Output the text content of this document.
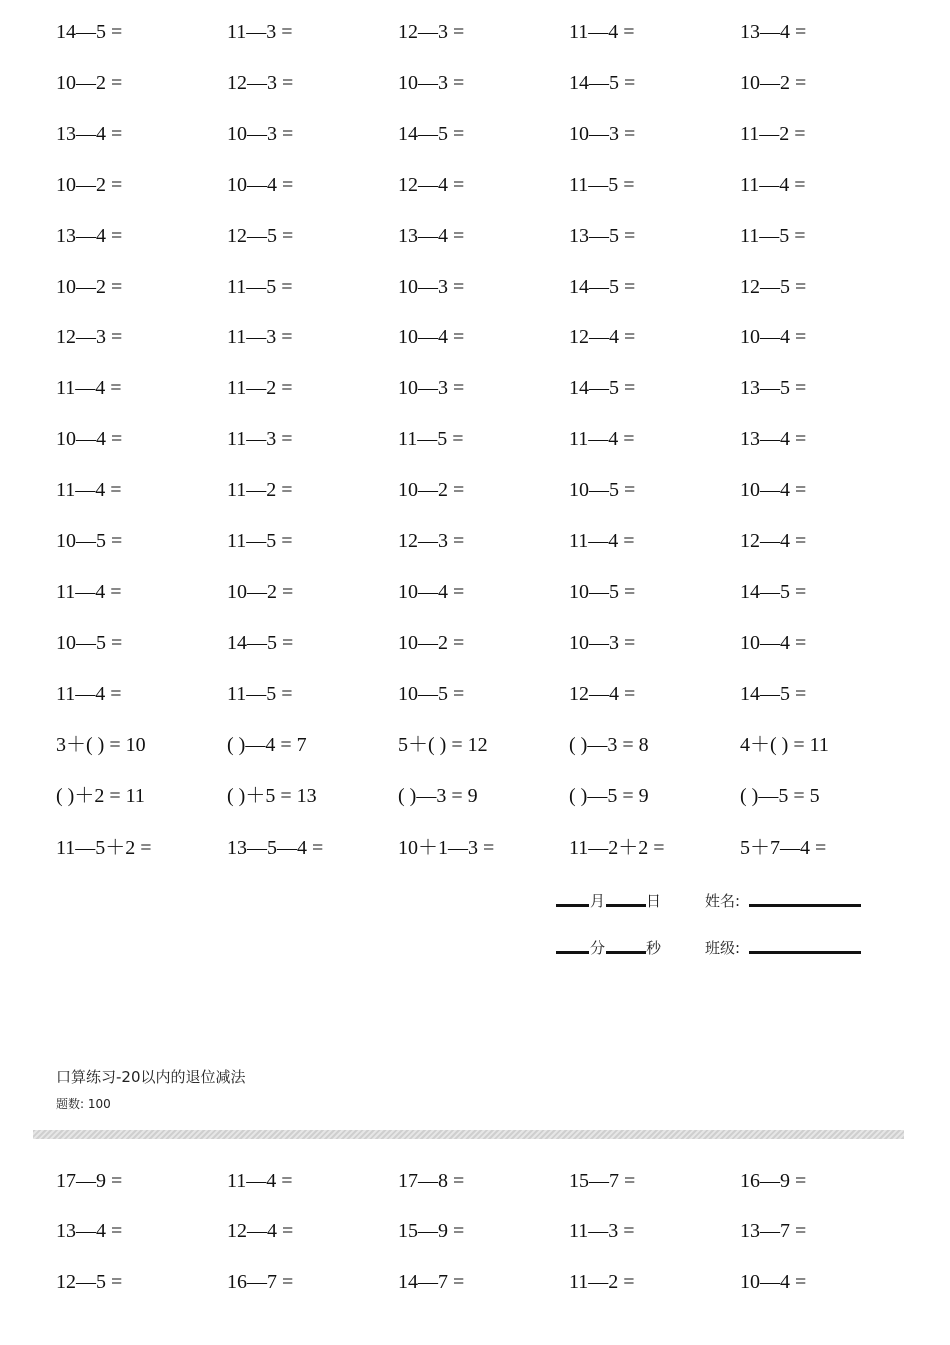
14—5 =	11—3 =	12—3 =	11—4 =	13—4 =
10—2 =	12—3 =	10—3 =	14—5 =	10—2 =
13—4 =	10—3 =	14—5 =	10—3 =	11—2 =
10—2 =	10—4 =	12—4 =	11—5 =	11—4 =
13—4 =	12—5 =	13—4 =	13—5 =	11—5 =
10—2 =	11—5 =	10—3 =	14—5 =	12—5 =
12—3 =	11—3 =	10—4 =	12—4 =	10—4 =
11—4 =	11—2 =	10—3 =	14—5 =	13—5 =
10—4 =	11—3 =	11—5 =	11—4 =	13—4 =
11—4 =	11—2 =	10—2 =	10—5 =	10—4 =
10—5 =	11—5 =	12—3 =	11—4 =	12—4 =
11—4 =	10—2 =	10—4 =	10—5 =	14—5 =
10—5 =	14—5 =	10—2 =	10—3 =	10—4 =
11—4 =	11—5 =	10—5 =	12—4 =	14—5 =
3＋( ) = 10	( )—4 = 7	5＋( ) = 12	( )—3 = 8	4＋( ) = 11
( )＋2 = 11	( )＋5 = 13	( )—3 = 9	( )—5 = 9	( )—5 = 5
11—5＋2 =	13—5—4 =	10＋1—3 =	11—2＋2 =	5＋7—4 =
月	日	姓名:
分	秒	班级:
口算练习-20以内的退位减法
题数: 100
17—9 =	11—4 =	17—8 =	15—7 =	16—9 =
13—4 =	12—4 =	15—9 =	11—3 =	13—7 =
12—5 =	16—7 =	14—7 =	11—2 =	10—4 =
